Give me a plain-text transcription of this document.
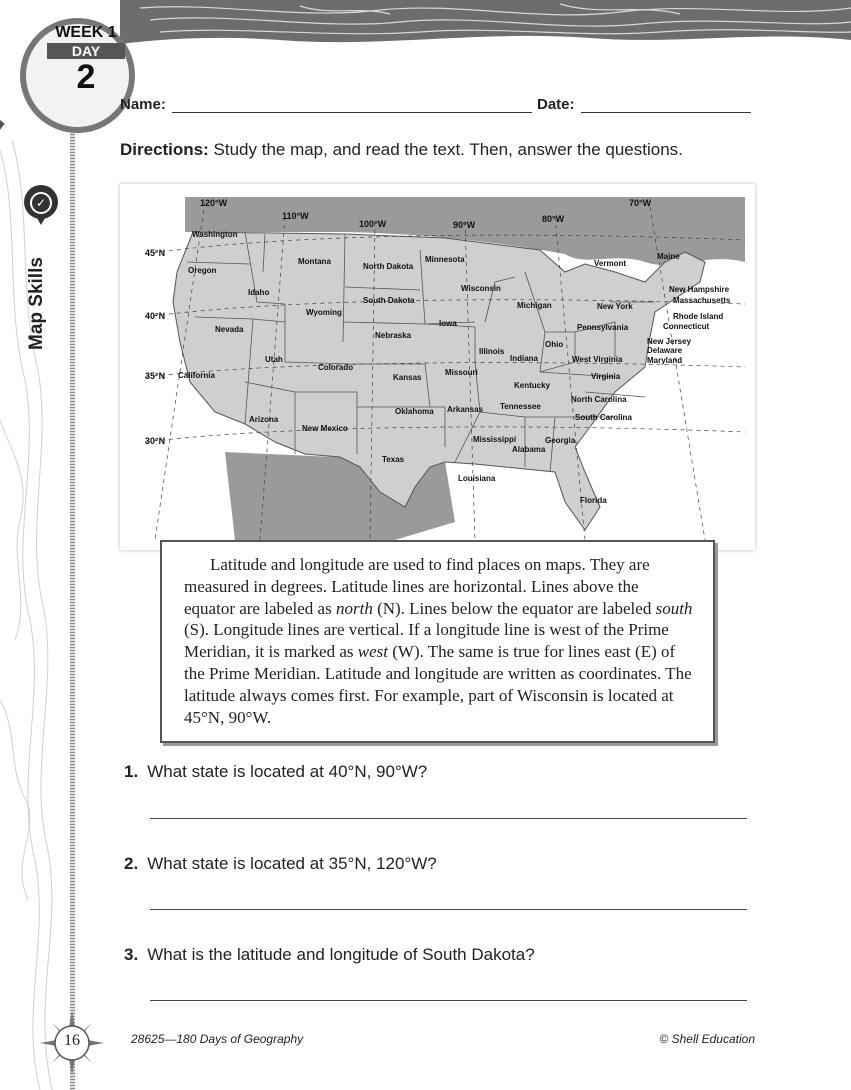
WEEK 1
DAY
2
✓
Map Skills
Name:	Date:
Directions: Study the map, and read the text. Then, answer the questions.
120°W
110°W
100°W	90°W
80°W
70°W
45°N
40°N
35°N
30°N
Washington
Oregon
Idaho
Montana
Wyoming
Nevada
Utah
California
Arizona
Colorado
New Mexico
North Dakota
South Dakota
Nebraska
Kansas
Oklahoma
Texas
Minnesota
Iowa
Missouri
Arkansas
Louisiana
Wisconsin
Illinois
Michigan
Indiana
Ohio
Kentucky
Tennessee
Mississippi
Alabama
Georgia
Florida
South Carolina
North Carolina
Virginia
West Virginia
Pennsylvania
New York
Vermont
Maine
New Hampshire
Massachusetts
Rhode Island
Connecticut
New Jersey
Delaware
Maryland
Latitude and longitude are used to find places on maps. They are measured in degrees. Latitude lines are horizontal. Lines above the equator are labeled as north (N). Lines below the equator are labeled south (S). Longitude lines are vertical. If a longitude line is west of the Prime Meridian, it is marked as west (W). The same is true for lines east (E) of the Prime Meridian. Latitude and longitude are written as coordinates. The latitude always comes first. For example, part of Wisconsin is located at 45°N, 90°W.
1. What state is located at 40°N, 90°W?
2. What state is located at 35°N, 120°W?
3. What is the latitude and longitude of South Dakota?
16	28625—180 Days of Geography	© Shell Education
